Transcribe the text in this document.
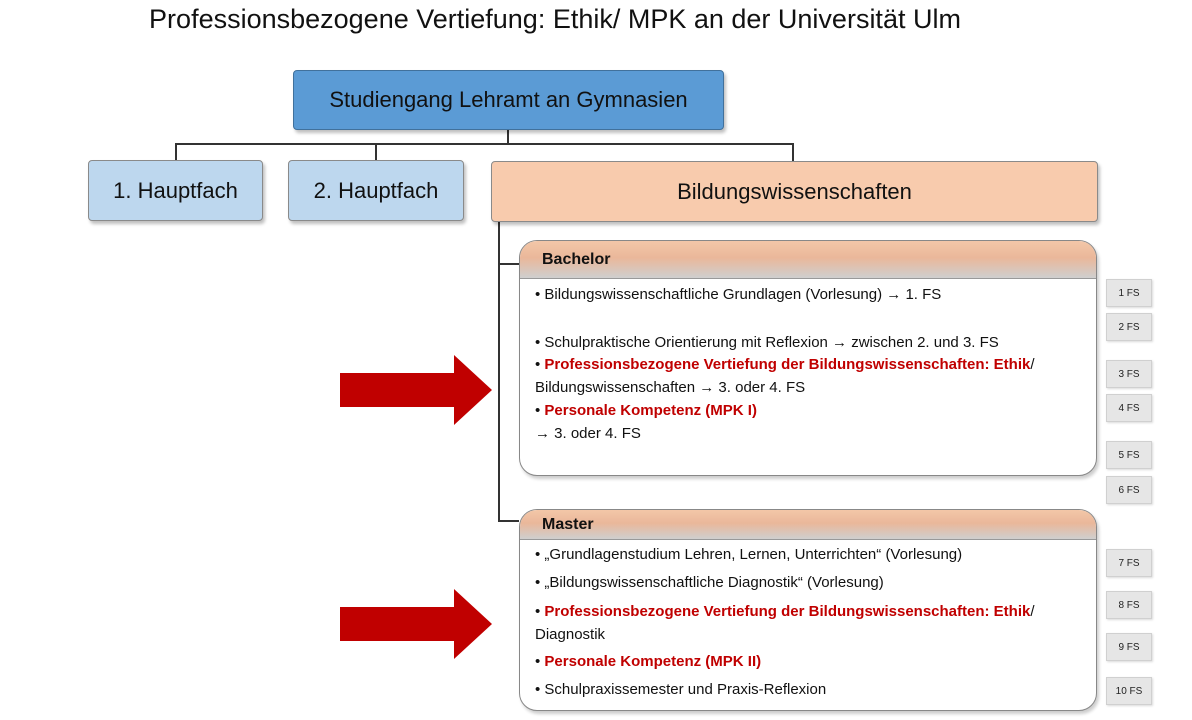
Professionsbezogene Vertiefung: Ethik/ MPK an der Universität Ulm
Studiengang Lehramt an Gymnasien
1. Hauptfach	2. Hauptfach	Bildungswissenschaften
Bachelor
• Bildungswissenschaftliche Grundlagen (Vorlesung) → 1. FS
• Schulpraktische Orientierung mit Reflexion → zwischen 2. und 3. FS
• Professionsbezogene Vertiefung der Bildungswissenschaften: Ethik/
Bildungswissenschaften → 3. oder 4. FS
• Personale Kompetenz (MPK I)
→ 3. oder 4. FS
Master
• „Grundlagenstudium Lehren, Lernen, Unterrichten“ (Vorlesung)
• „Bildungswissenschaftliche Diagnostik“ (Vorlesung)
• Professionsbezogene Vertiefung der Bildungswissenschaften: Ethik/
Diagnostik
• Personale Kompetenz (MPK II)
• Schulpraxissemester und Praxis-Reflexion
1 FS
2 FS
3 FS
4 FS
5 FS
6 FS
7 FS
8 FS
9 FS
10 FS
